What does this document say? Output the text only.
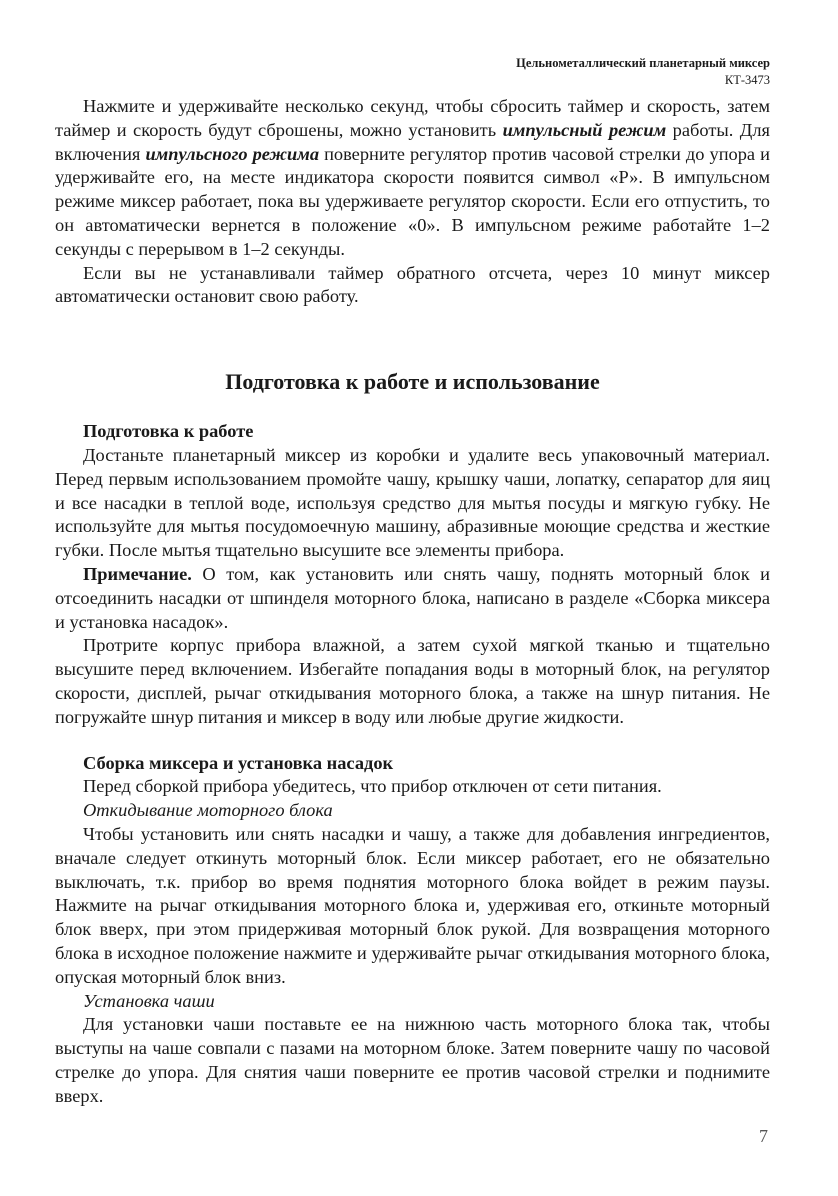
Цельнометаллический планетарный миксер
КТ-3473

Нажмите и удерживайте несколько секунд, чтобы сбросить таймер и скорость, затем таймер и скорость будут сброшены, можно установить импульсный режим работы. Для включения импульсного режима поверните регулятор против часовой стрелки до упора и удерживайте его, на месте индикатора скорости появится символ «Р». В импульсном режиме миксер работает, пока вы удерживаете регулятор скорости. Если его отпустить, то он автоматически вернется в положение «0». В импульсном режиме работайте 1–2 секунды с перерывом в 1–2 секунды.

Если вы не устанавливали таймер обратного отсчета, через 10 минут миксер автоматически остановит свою работу.

Подготовка к работе и использование
Подготовка к работе

Достаньте планетарный миксер из коробки и удалите весь упаковочный материал. Перед первым использованием промойте чашу, крышку чаши, лопатку, сепаратор для яиц и все насадки в теплой воде, используя средство для мытья посуды и мягкую губку. Не используйте для мытья посудомоечную машину, абразивные моющие средства и жесткие губки. После мытья тщательно высушите все элементы прибора.

Примечание. О том, как установить или снять чашу, поднять моторный блок и отсоединить насадки от шпинделя моторного блока, написано в разделе «Сборка миксера и установка насадок».

Протрите корпус прибора влажной, а затем сухой мягкой тканью и тщательно высушите перед включением. Избегайте попадания воды в моторный блок, на регулятор скорости, дисплей, рычаг откидывания моторного блока, а также на шнур питания. Не погружайте шнур питания и миксер в воду или любые другие жидкости.

Сборка миксера и установка насадок

Перед сборкой прибора убедитесь, что прибор отключен от сети питания.

Откидывание моторного блока

Чтобы установить или снять насадки и чашу, а также для добавления ингредиентов, вначале следует откинуть моторный блок. Если миксер работает, его не обязательно выключать, т.к. прибор во время поднятия моторного блока войдет в режим паузы. Нажмите на рычаг откидывания моторного блока и, удерживая его, откиньте моторный блок вверх, при этом придерживая моторный блок рукой. Для возвращения моторного блока в исходное положение нажмите и удерживайте рычаг откидывания моторного блока, опуская моторный блок вниз.

Установка чаши

Для установки чаши поставьте ее на нижнюю часть моторного блока так, чтобы выступы на чаше совпали с пазами на моторном блоке. Затем поверните чашу по часовой стрелке до упора. Для снятия чаши поверните ее против часовой стрелки и поднимите вверх.

7
